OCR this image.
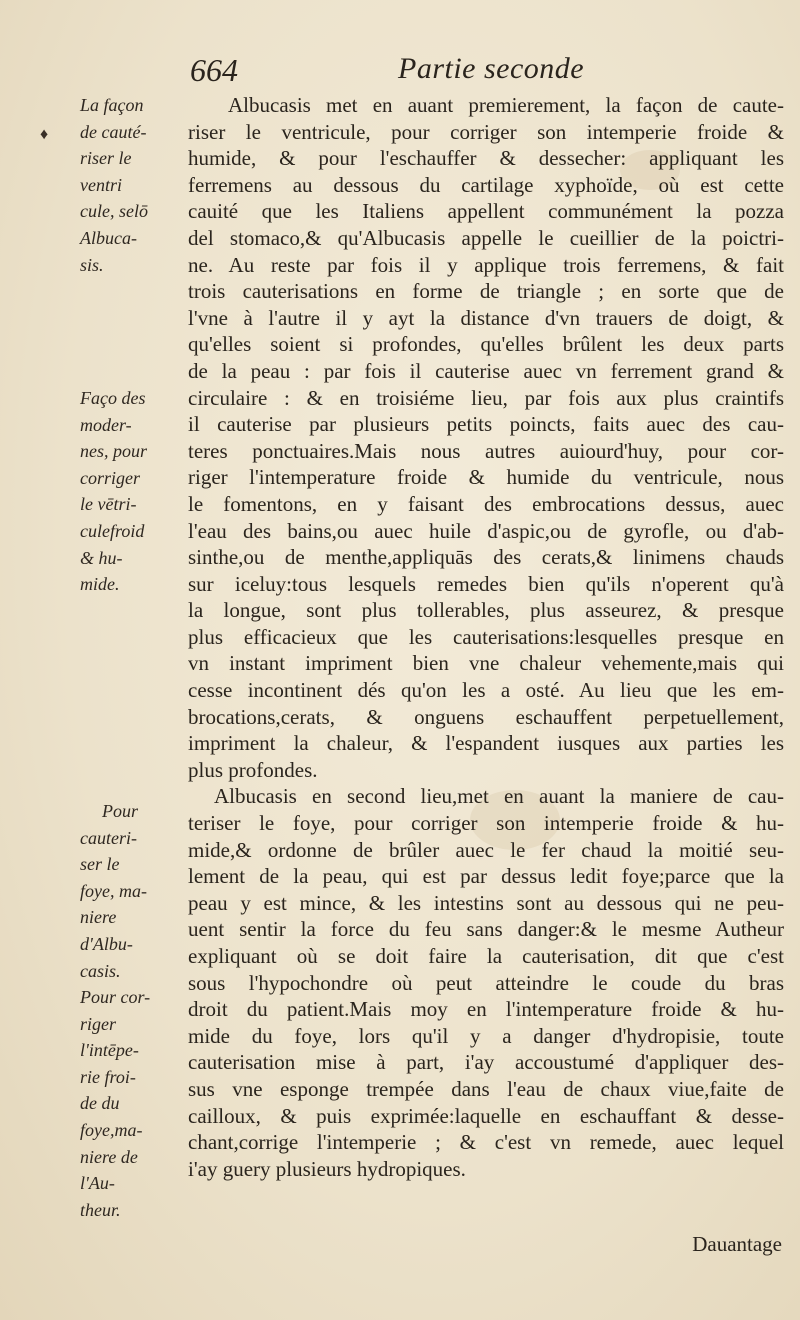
664	Partie seconde
♦
La façon
de cauté-
riser le
ventri
cule, selō
Albuca-
sis.
Faço des
moder-
nes, pour
corriger
le vētri-
culefroid
& hu-
mide.
Pour
cauteri-
ser le
foye, ma-
niere
d'Albu-
casis.
Pour cor-
riger
l'intēpe-
rie froi-
de du
foye,ma-
niere de
l'Au-
theur.
Albucasis met en auant premierement, la façon de caute-
riser le ventricule, pour corriger son intemperie froide &
humide, & pour l'eschauffer & dessecher: appliquant les
ferremens au dessous du cartilage xyphoïde, où est cette
cauité que les Italiens appellent communément la pozza
del stomaco,& qu'Albucasis appelle le cueillier de la poictri-
ne. Au reste par fois il y applique trois ferremens, & fait
trois cauterisations en forme de triangle ; en sorte que de
l'vne à l'autre il y ayt la distance d'vn trauers de doigt, &
qu'elles soient si profondes, qu'elles brûlent les deux parts
de la peau : par fois il cauterise auec vn ferrement grand &
circulaire : & en troisiéme lieu, par fois aux plus craintifs
il cauterise par plusieurs petits poincts, faits auec des cau-
teres ponctuaires.Mais nous autres auiourd'huy, pour cor-
riger l'intemperature froide & humide du ventricule, nous
le fomentons, en y faisant des embrocations dessus, auec
l'eau des bains,ou auec huile d'aspic,ou de gyrofle, ou d'ab-
sinthe,ou de menthe,appliquās des cerats,& linimens chauds
sur iceluy:tous lesquels remedes bien qu'ils n'operent qu'à
la longue, sont plus tollerables, plus asseurez, & presque
plus efficacieux que les cauterisations:lesquelles presque en
vn instant impriment bien vne chaleur vehemente,mais qui
cesse incontinent dés qu'on les a osté. Au lieu que les em-
brocations,cerats, & onguens eschauffent perpetuellement,
impriment la chaleur, & l'espandent iusques aux parties les
plus profondes.
Albucasis en second lieu,met en auant la maniere de cau-
teriser le foye, pour corriger son intemperie froide & hu-
mide,& ordonne de brûler auec le fer chaud la moitié seu-
lement de la peau, qui est par dessus ledit foye;parce que la
peau y est mince, & les intestins sont au dessous qui ne peu-
uent sentir la force du feu sans danger:& le mesme Autheur
expliquant où se doit faire la cauterisation, dit que c'est
sous l'hypochondre où peut atteindre le coude du bras
droit du patient.Mais moy en l'intemperature froide & hu-
mide du foye, lors qu'il y a danger d'hydropisie, toute
cauterisation mise à part, i'ay accoustumé d'appliquer des-
sus vne esponge trempée dans l'eau de chaux viue,faite de
cailloux, & puis exprimée:laquelle en eschauffant & desse-
chant,corrige l'intemperie ; & c'est vn remede, auec lequel
i'ay guery plusieurs hydropiques.
Dauantage
